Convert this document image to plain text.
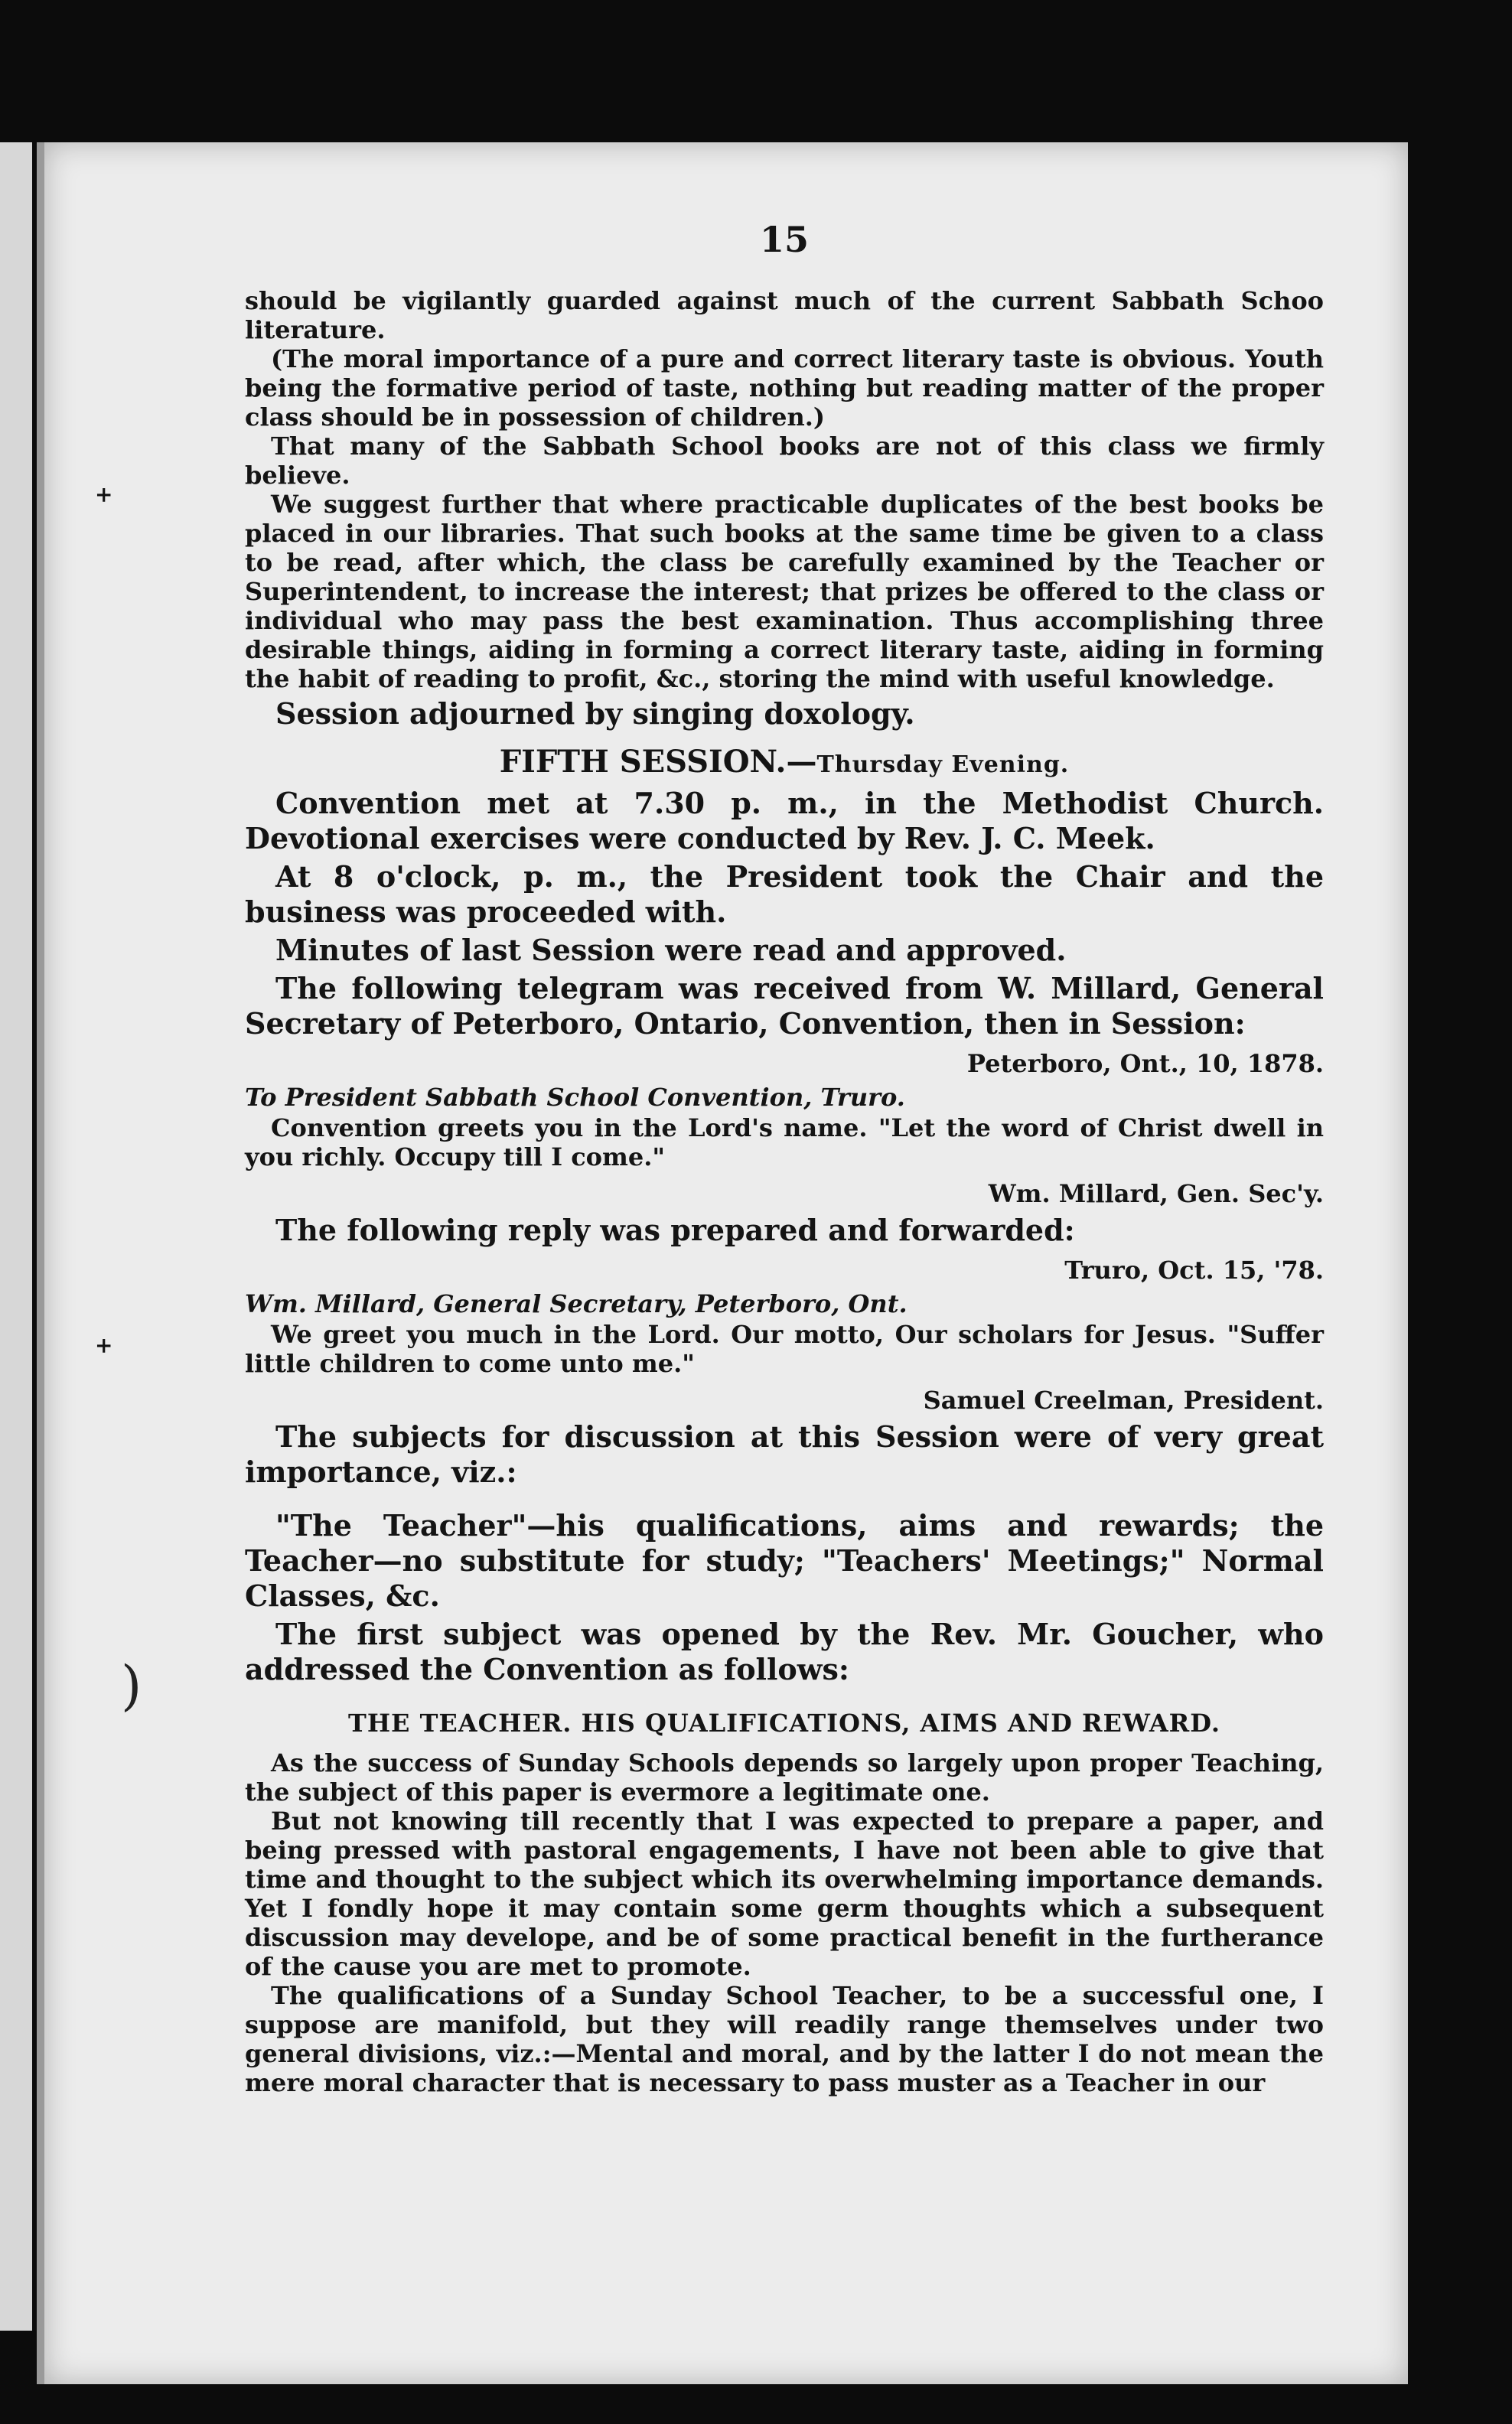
+
+
)
15

should be vigilantly guarded against much of the current Sabbath Schoo literature.

(The moral importance of a pure and correct literary taste is obvious. Youth being the formative period of taste, nothing but reading matter of the proper class should be in possession of children.)

That many of the Sabbath School books are not of this class we firmly believe.

We suggest further that where practicable duplicates of the best books be placed in our libraries. That such books at the same time be given to a class to be read, after which, the class be carefully examined by the Teacher or Superintendent, to increase the interest; that prizes be offered to the class or individual who may pass the best examination. Thus accomplishing three desirable things, aiding in forming a correct literary taste, aiding in forming the habit of reading to profit, &c., storing the mind with useful knowledge.

Session adjourned by singing doxology.

FIFTH SESSION.—Thursday Evening.

Convention met at 7.30 p. m., in the Methodist Church. Devotional exercises were conducted by Rev. J. C. Meek.

At 8 o'clock, p. m., the President took the Chair and the business was proceeded with.

Minutes of last Session were read and approved.

The following telegram was received from W. Millard, General Secretary of Peterboro, Ontario, Convention, then in Session:

Peterboro, Ont., 10, 1878.
To President Sabbath School Convention, Truro.
Convention greets you in the Lord's name. "Let the word of Christ dwell in you richly. Occupy till I come."
Wm. Millard, Gen. Sec'y.

The following reply was prepared and forwarded:

Truro, Oct. 15, '78.
Wm. Millard, General Secretary, Peterboro, Ont.
We greet you much in the Lord. Our motto, Our scholars for Jesus. "Suffer little children to come unto me."
Samuel Creelman, President.

The subjects for discussion at this Session were of very great importance, viz.:

"The Teacher"—his qualifications, aims and rewards; the Teacher—no substitute for study; "Teachers' Meetings;" Normal Classes, &c.

The first subject was opened by the Rev. Mr. Goucher, who addressed the Convention as follows:

THE TEACHER. HIS QUALIFICATIONS, AIMS AND REWARD.

As the success of Sunday Schools depends so largely upon proper Teaching, the subject of this paper is evermore a legitimate one.

But not knowing till recently that I was expected to prepare a paper, and being pressed with pastoral engagements, I have not been able to give that time and thought to the subject which its overwhelming importance demands. Yet I fondly hope it may contain some germ thoughts which a subsequent discussion may develope, and be of some practical benefit in the furtherance of the cause you are met to promote.

The qualifications of a Sunday School Teacher, to be a successful one, I suppose are manifold, but they will readily range themselves under two general divisions, viz.:—Mental and moral, and by the latter I do not mean the mere moral character that is necessary to pass muster as a Teacher in our
